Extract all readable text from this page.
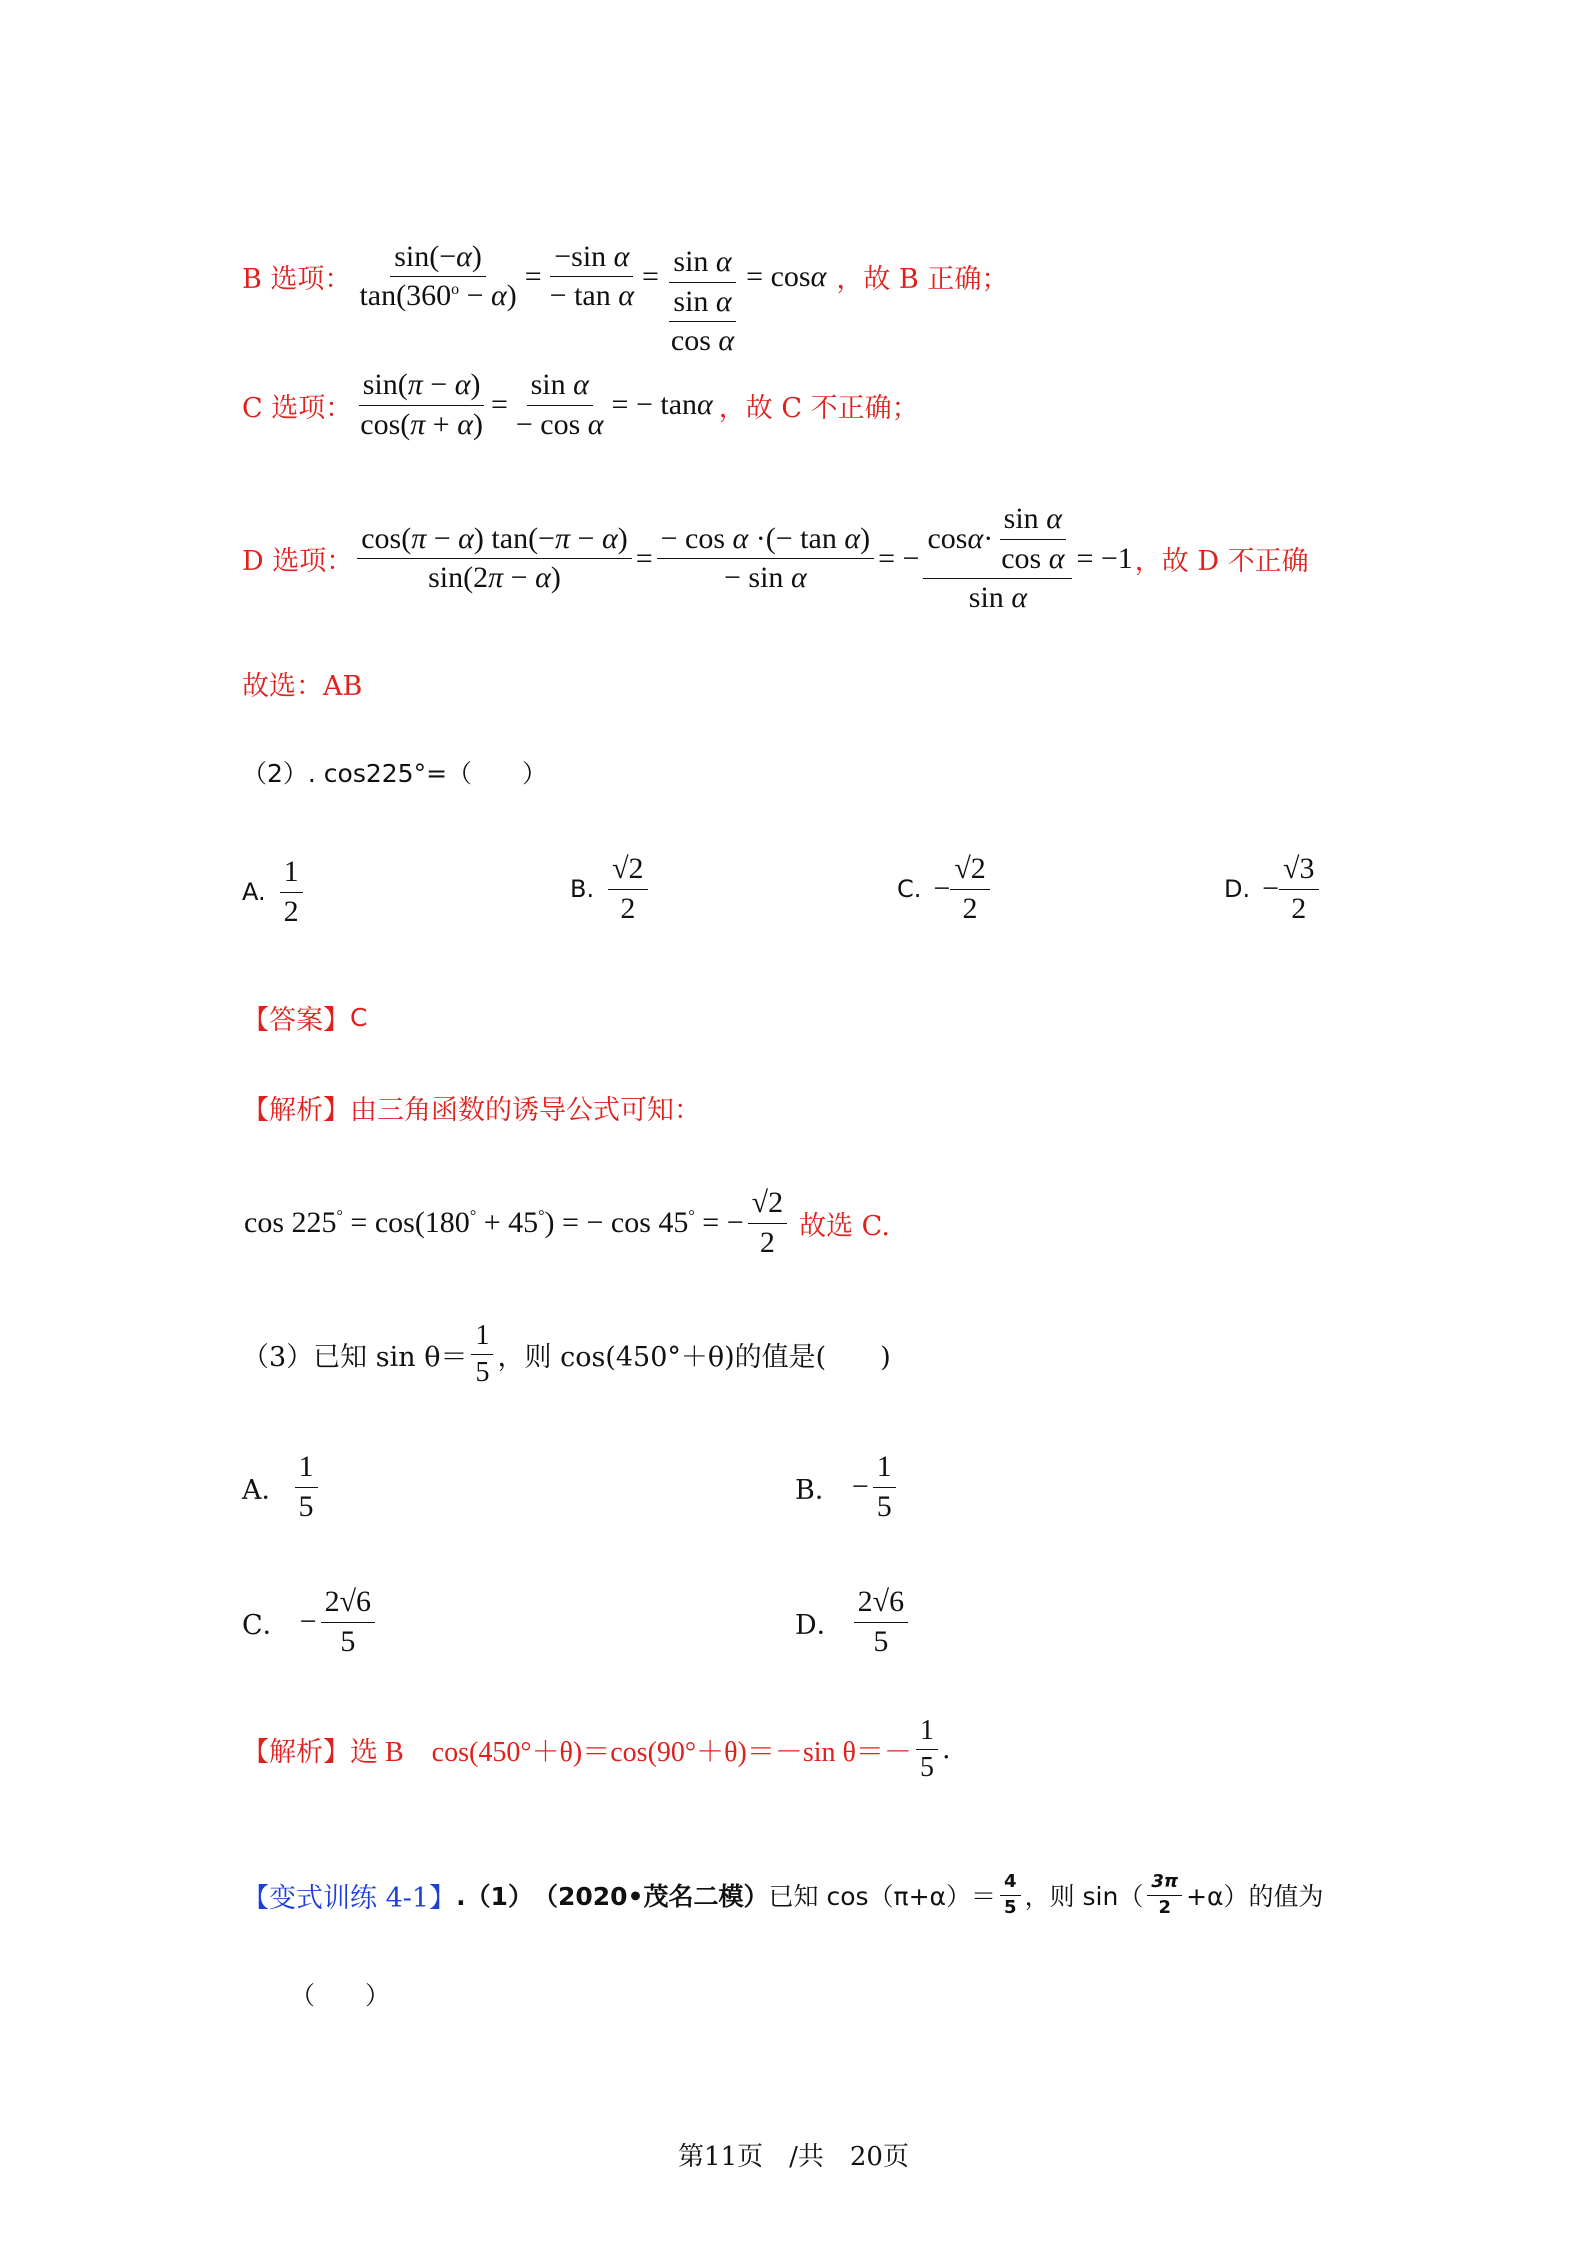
B 选项： $\frac{\sin(-\alpha)}{\tan(360^o - \alpha)} = \frac{\text{−sin α}}{\text{− tan α}} = \frac{\text{sin α}}{\frac{\text{sin α}}{\text{cos α}}} = \cos \alpha$ ，故 B 正确；
C 选项： $\frac{\sin(\pi - \alpha)}{\cos(\pi + \alpha)} = \frac{\text{sin α}}{\text{− cos α}}$ = − tan α ，故 C 不正确；
D 选项： $\frac{\cos(\pi - \alpha) \tan(-\pi - \alpha)}{\sin(2\pi - \alpha)} = \frac{\text{− cos α ·(− tan α)}}{\text{− sin α}}$ = − $\frac{\cos \alpha \cdot \frac{\text{sin α}}{\text{cos α}}}{\text{sin α}} = -1$ ，故 D 不正确
故选：AB
（2）. cos225°=（　　）
A. $\frac{1}{2}$	B. $\frac{√2}{2}$	C. − $\frac{√2}{2}$	D. − $\frac{√3}{2}$
【答案】 C
【解析】 由三角函数的诱导公式可知：
cos 225° = cos(180° + 45°) = − cos 45° = − $\frac{√2}{2}$ 故选 C.
（3）已知 $\sin \theta= \frac{1}{5}$ ，则 cos(450°＋θ)的值是(　　)
A． $\frac{1}{5}$	B． − $\frac{1}{5}$
C． − $\frac{2√6}{5}$	D． $\frac{2√6}{5}$
【解析】 选 B　cos(450°＋θ)＝cos(90°＋θ)＝－sin $\theta=- \frac{1}{5}$ .
【变式训练 4-1】 .（1） （2020•茂名二模） 已知 $\cos(\pi+\alpha)= \frac{4}{5}$ ，则 $\sin( \frac{3\pi}{2} +\alpha)$的值为
（　　）
第11页　/共　20页
